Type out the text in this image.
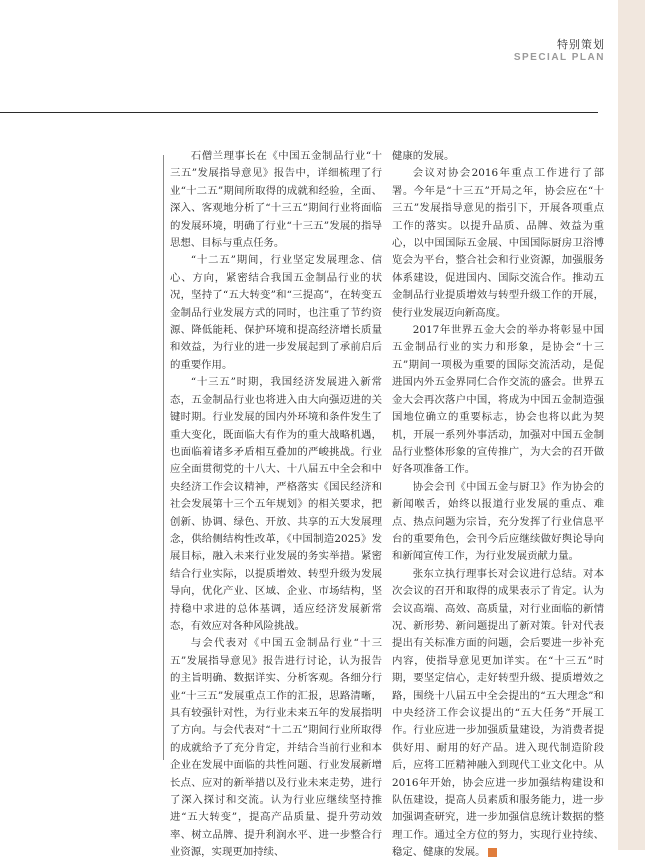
特别策划
SPECIAL PLAN

石僧兰理事长在《中国五金制品行业“十三五”发展指导意见》报告中，详细梳理了行业“十二五”期间所取得的成就和经验，全面、深入、客观地分析了“十三五”期间行业将面临的发展环境，明确了行业“十三五”发展的指导思想、目标与重点任务。

“十二五”期间，行业坚定发展理念、信心、方向，紧密结合我国五金制品行业的状况，坚持了“五大转变”和“三提高”，在转变五金制品行业发展方式的同时，也注重了节约资源、降低能耗、保护环境和提高经济增长质量和效益，为行业的进一步发展起到了承前启后的重要作用。

“十三五”时期，我国经济发展进入新常态，五金制品行业也将进入由大向强迈进的关键时期。行业发展的国内外环境和条件发生了重大变化，既面临大有作为的重大战略机遇，也面临着诸多矛盾相互叠加的严峻挑战。行业应全面贯彻党的十八大、十八届五中全会和中央经济工作会议精神，严格落实《国民经济和社会发展第十三个五年规划》的相关要求，把创新、协调、绿色、开放、共享的五大发展理念，供给侧结构性改革，《中国制造2025》发展目标，融入未来行业发展的务实举措。紧密结合行业实际，以提质增效、转型升级为发展导向，优化产业、区域、企业、市场结构，坚持稳中求进的总体基调，适应经济发展新常态，有效应对各种风险挑战。

与会代表对《中国五金制品行业“十三五”发展指导意见》报告进行讨论，认为报告的主旨明确、数据详实、分析客观。各细分行业“十三五”发展重点工作的汇报，思路清晰，具有较强针对性，为行业未来五年的发展指明了方向。与会代表对“十二五”期间行业所取得的成就给予了充分肯定，并结合当前行业和本企业在发展中面临的共性问题、行业发展新增长点、应对的新举措以及行业未来走势，进行了深入探讨和交流。认为行业应继续坚持推进“五大转变”，提高产品质量、提升劳动效率、树立品牌、提升利润水平、进一步整合行业资源，实现更加持续、

健康的发展。

会议对协会2016年重点工作进行了部署。今年是“十三五”开局之年，协会应在“十三五”发展指导意见的指引下，开展各项重点工作的落实。以提升品质、品牌、效益为重心，以中国国际五金展、中国国际厨房卫浴博览会为平台，整合社会和行业资源，加强服务体系建设，促进国内、国际交流合作。推动五金制品行业提质增效与转型升级工作的开展，使行业发展迈向新高度。

2017年世界五金大会的举办将彰显中国五金制品行业的实力和形象，是协会“十三五”期间一项极为重要的国际交流活动，是促进国内外五金界同仁合作交流的盛会。世界五金大会再次落户中国，将成为中国五金制造强国地位确立的重要标志，协会也将以此为契机，开展一系列外事活动，加强对中国五金制品行业整体形象的宣传推广，为大会的召开做好各项准备工作。

协会会刊《中国五金与厨卫》作为协会的新闻喉舌，始终以报道行业发展的重点、难点、热点问题为宗旨，充分发挥了行业信息平台的重要角色，会刊今后应继续做好舆论导向和新闻宣传工作，为行业发展贡献力量。

张东立执行理事长对会议进行总结。对本次会议的召开和取得的成果表示了肯定。认为会议高端、高效、高质量，对行业面临的新情况、新形势、新问题提出了新对策。针对代表提出有关标准方面的问题，会后要进一步补充内容，使指导意见更加详实。在“十三五”时期，要坚定信心，走好转型升级、提质增效之路，围绕十八届五中全会提出的“五大理念”和中央经济工作会议提出的“五大任务”开展工作。行业应进一步加强质量建设，为消费者提供好用、耐用的好产品。进入现代制造阶段后，应将工匠精神融入到现代工业文化中。从2016年开始，协会应进一步加强结构建设和队伍建设，提高人员素质和服务能力，进一步加强调查研究，进一步加强信息统计数据的整理工作。通过全方位的努力，实现行业持续、稳定、健康的发展。
